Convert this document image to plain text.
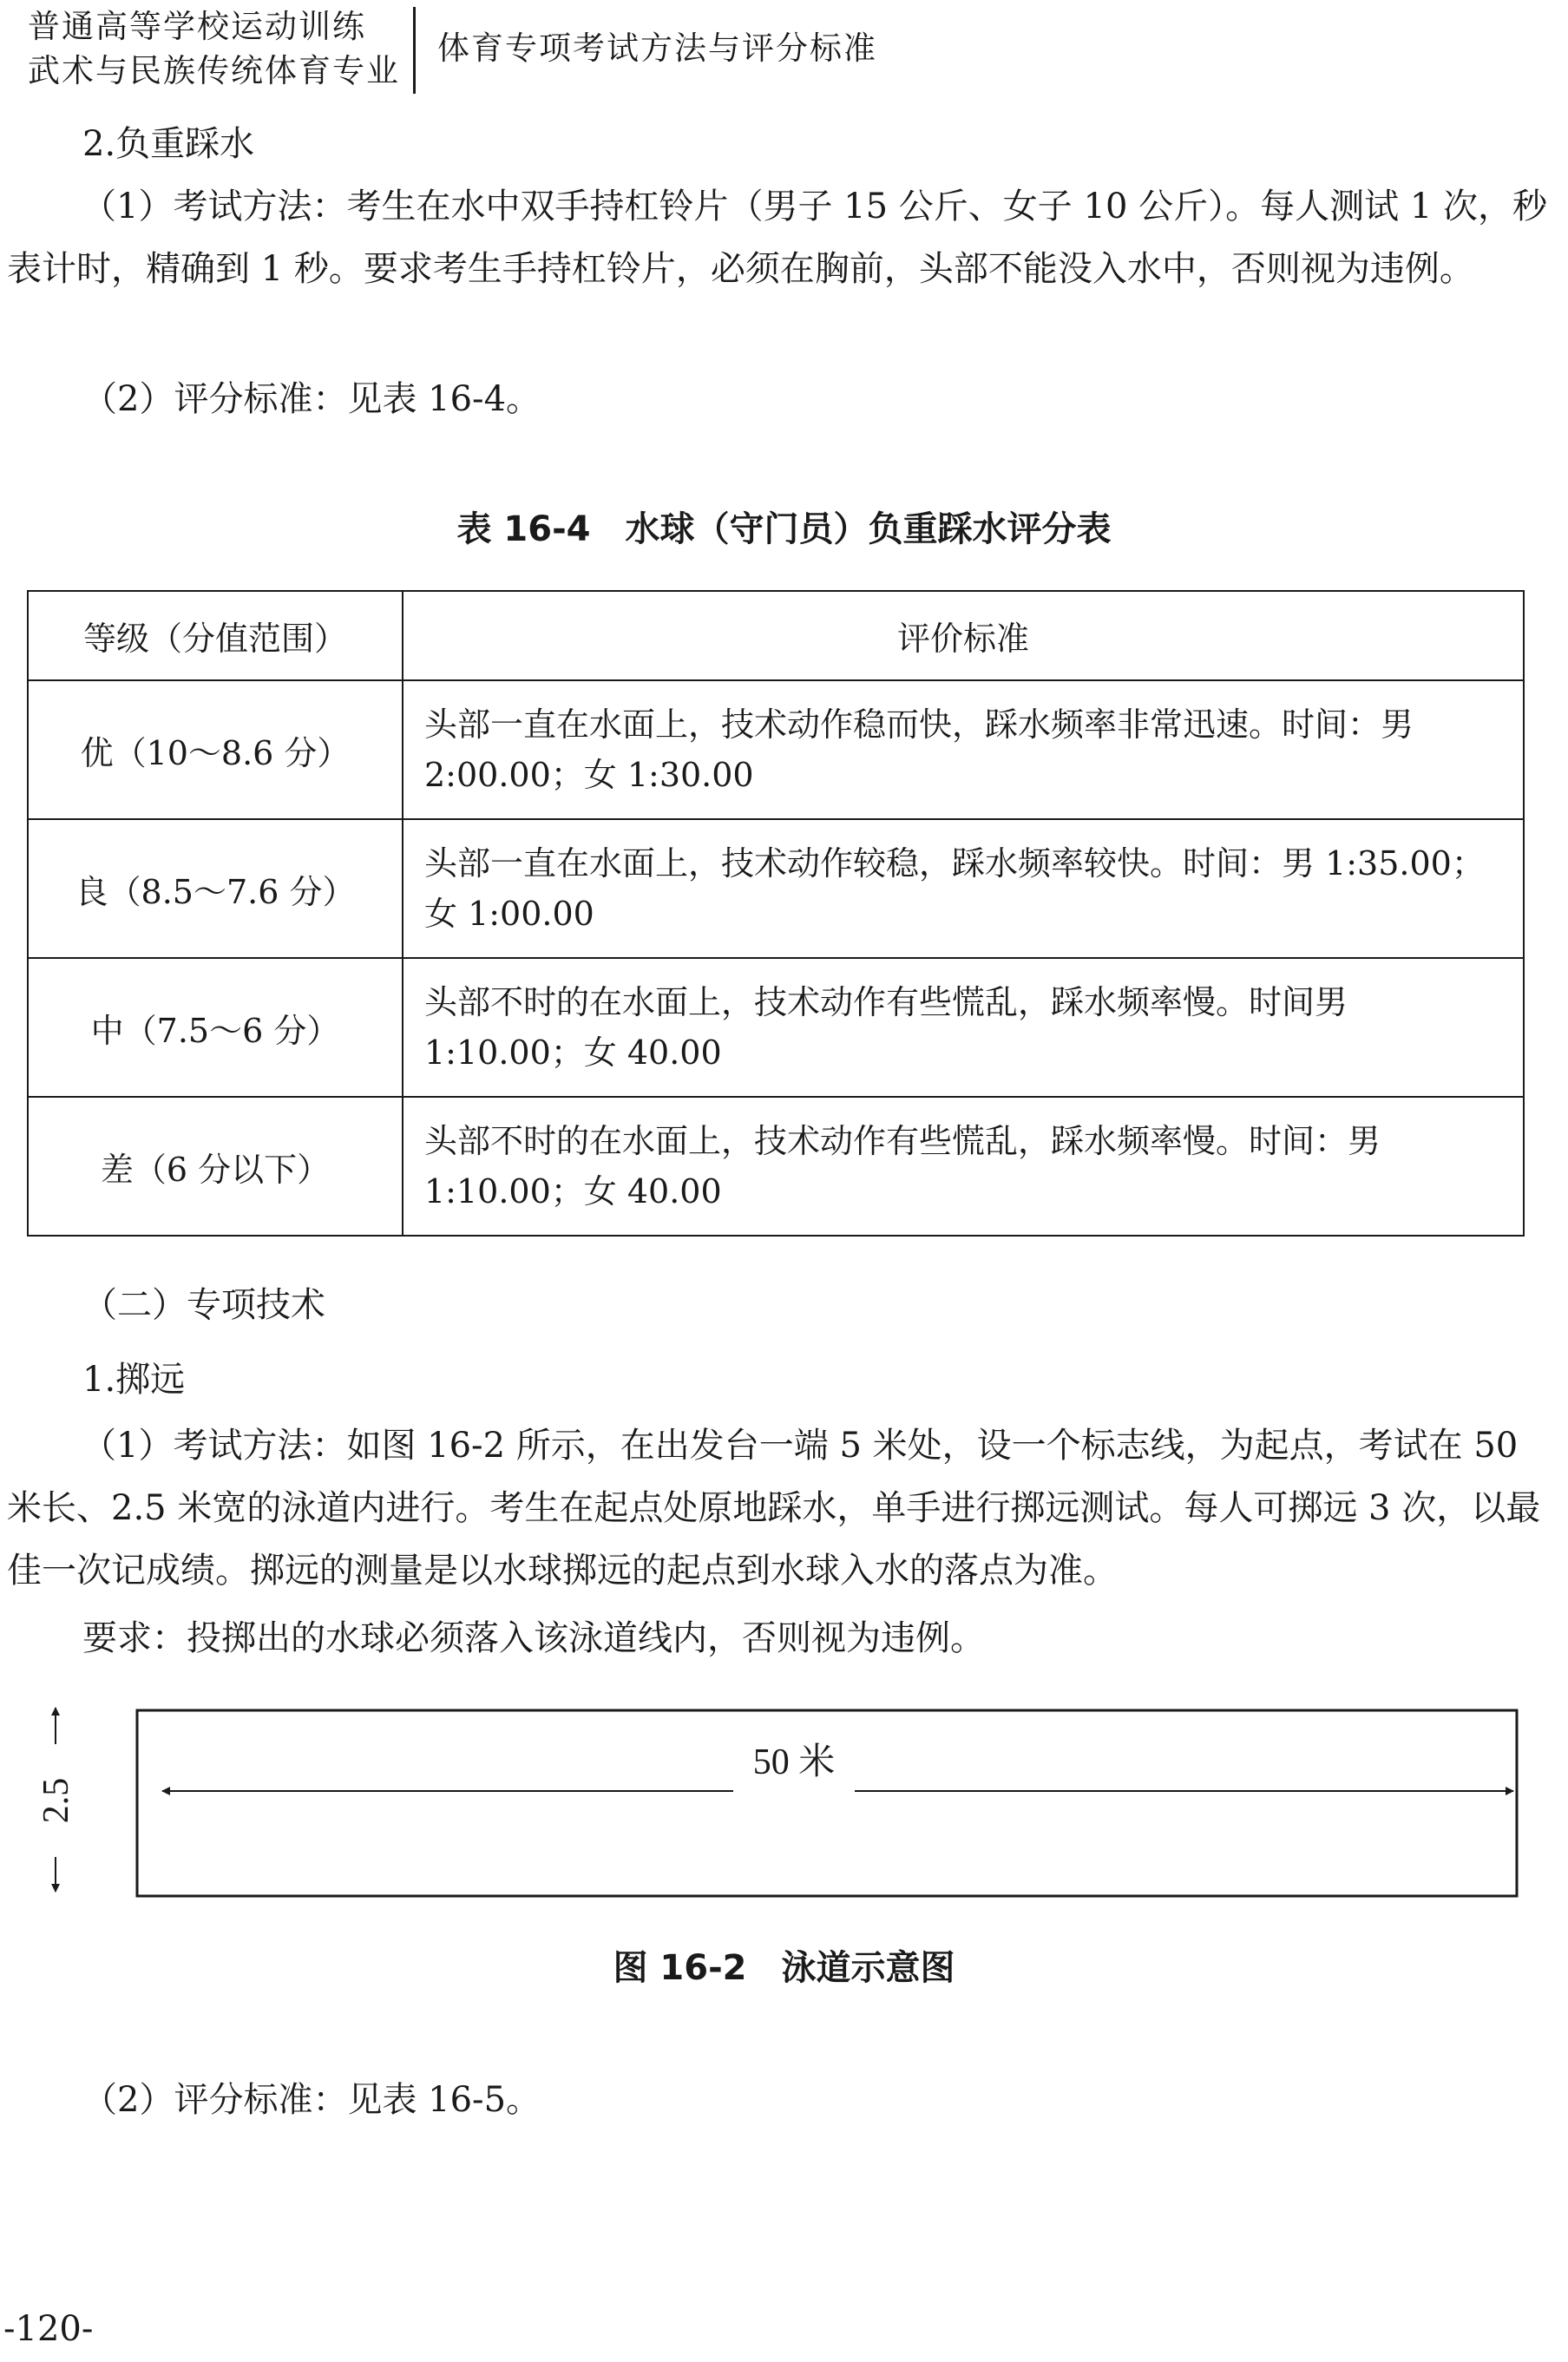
普通高等学校运动训练
武术与民族传统体育专业
体育专项考试方法与评分标准
2.负重踩水

（1）考试方法：考生在水中双手持杠铃片（男子 15 公斤、女子 10 公斤）。每人测试 1 次，秒表计时，精确到 1 秒。要求考生手持杠铃片，必须在胸前，头部不能没入水中，否则视为违例。

（2）评分标准：见表 16-4。
表 16-4　水球（守门员）负重踩水评分表
等级（分值范围）	评价标准
优（10～8.6 分）	头部一直在水面上，技术动作稳而快，踩水频率非常迅速。时间：男 2:00.00；女 1:30.00
良（8.5～7.6 分）	头部一直在水面上，技术动作较稳，踩水频率较快。时间：男 1:35.00；女 1:00.00
中（7.5～6 分）	头部不时的在水面上，技术动作有些慌乱，踩水频率慢。时间男 1:10.00；女 40.00
差（6 分以下）	头部不时的在水面上，技术动作有些慌乱，踩水频率慢。时间：男 1:10.00；女 40.00
（二）专项技术
1.掷远

（1）考试方法：如图 16-2 所示，在出发台一端 5 米处，设一个标志线，为起点，考试在 50 米长、2.5 米宽的泳道内进行。考生在起点处原地踩水，单手进行掷远测试。每人可掷远 3 次，以最佳一次记成绩。掷远的测量是以水球掷远的起点到水球入水的落点为准。

要求：投掷出的水球必须落入该泳道线内，否则视为违例。
50 米
2.5
图 16-2　泳道示意图
（2）评分标准：见表 16-5。
-120-
